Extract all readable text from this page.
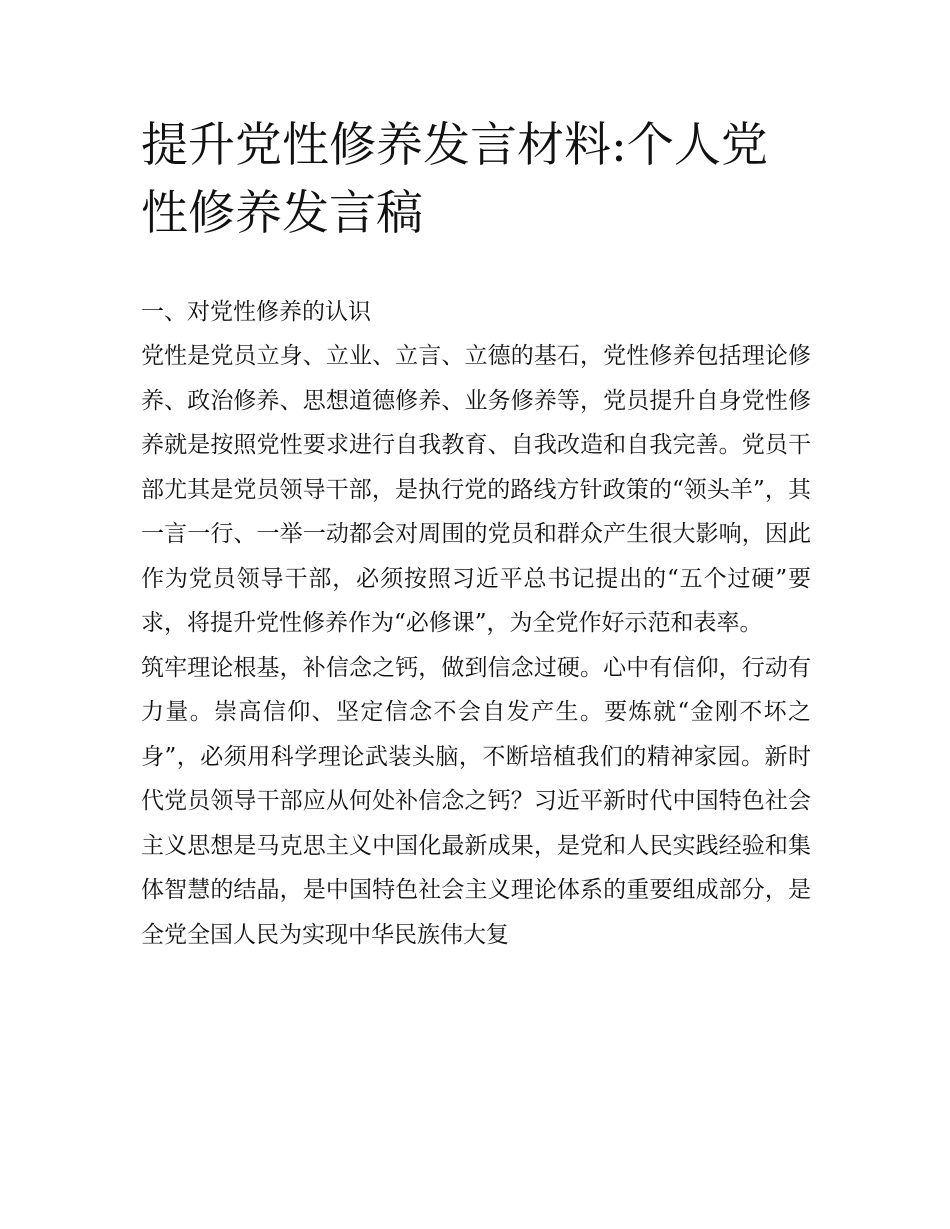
提升党性修养发言材料:个人党性修养发言稿

一、对党性修养的认识

党性是党员立身、立业、立言、立德的基石，党性修养包括理论修养、政治修养、思想道德修养、业务修养等，党员提升自身党性修养就是按照党性要求进行自我教育、自我改造和自我完善。党员干部尤其是党员领导干部，是执行党的路线方针政策的“领头羊”，其一言一行、一举一动都会对周围的党员和群众产生很大影响，因此作为党员领导干部，必须按照习近平总书记提出的“五个过硬”要求，将提升党性修养作为“必修课”，为全党作好示范和表率。

筑牢理论根基，补信念之钙，做到信念过硬。心中有信仰，行动有力量。崇高信仰、坚定信念不会自发产生。要炼就“金刚不坏之身”，必须用科学理论武装头脑，不断培植我们的精神家园。新时代党员领导干部应从何处补信念之钙？习近平新时代中国特色社会主义思想是马克思主义中国化最新成果，是党和人民实践经验和集体智慧的结晶，是中国特色社会主义理论体系的重要组成部分，是全党全国人民为实现中华民族伟大复
